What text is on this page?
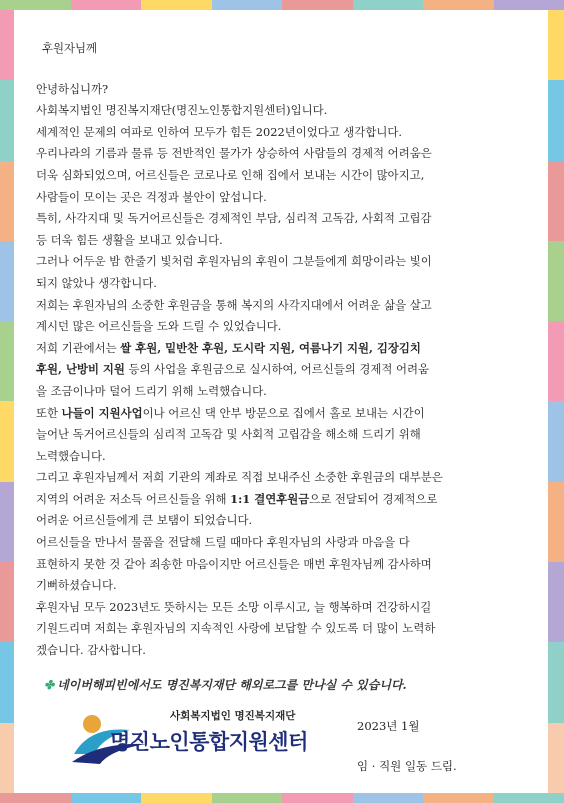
후원자님께

안녕하십니까?

사회복지법인 명진복지재단(명진노인통합지원센터)입니다.

세계적인 문제의 여파로 인하여 모두가 힘든 2022년이었다고 생각합니다.

우리나라의 기름과 물류 등 전반적인 물가가 상승하여 사람들의 경제적 어려움은

더욱 심화되었으며, 어르신들은 코로나로 인해 집에서 보내는 시간이 많아지고,

사람들이 모이는 곳은 걱정과 불안이 앞섭니다.

특히, 사각지대 및 독거어르신들은 경제적인 부담, 심리적 고독감, 사회적 고립감

등 더욱 힘든 생활을 보내고 있습니다.

그러나 어두운 밤 한줄기 빛처럼 후원자님의 후원이 그분들에게 희망이라는 빛이

되지 않았나 생각합니다.

저희는 후원자님의 소중한 후원금을 통해 복지의 사각지대에서 어려운 삶을 살고

계시던 많은 어르신들을 도와 드릴 수 있었습니다.

저희 기관에서는 쌀 후원, 밑반찬 후원, 도시락 지원, 여름나기 지원, 김장김치

후원, 난방비 지원 등의 사업을 후원금으로 실시하여, 어르신들의 경제적 어려움

을 조금이나마 덜어 드리기 위해 노력했습니다.

또한 나들이 지원사업이나 어르신 댁 안부 방문으로 집에서 홀로 보내는 시간이

늘어난 독거어르신들의 심리적 고독감 및 사회적 고립감을 해소해 드리기 위해

노력했습니다.

그리고 후원자님께서 저희 기관의 계좌로 직접 보내주신 소중한 후원금의 대부분은

지역의 어려운 저소득 어르신들을 위해 1:1 결연후원금으로 전달되어 경제적으로

어려운 어르신들에게 큰 보탬이 되었습니다.

어르신들을 만나서 물품을 전달해 드릴 때마다 후원자님의 사랑과 마음을 다

표현하지 못한 것 같아 죄송한 마음이지만 어르신들은 매번 후원자님께 감사하며

기뻐하셨습니다.

후원자님 모두 2023년도 뜻하시는 모든 소망 이루시고, 늘 행복하며 건강하시길

기원드리며 저희는 후원자님의 지속적인 사랑에 보답할 수 있도록 더 많이 노력하

겠습니다. 감사합니다.

✤ 네이버해피빈에서도 명진복지재단 해외로그를 만나실 수 있습니다.
사회복지법인 명진복지재단
명진노인통합지원센터
2023년 1월
임 · 직원 일동 드림.
